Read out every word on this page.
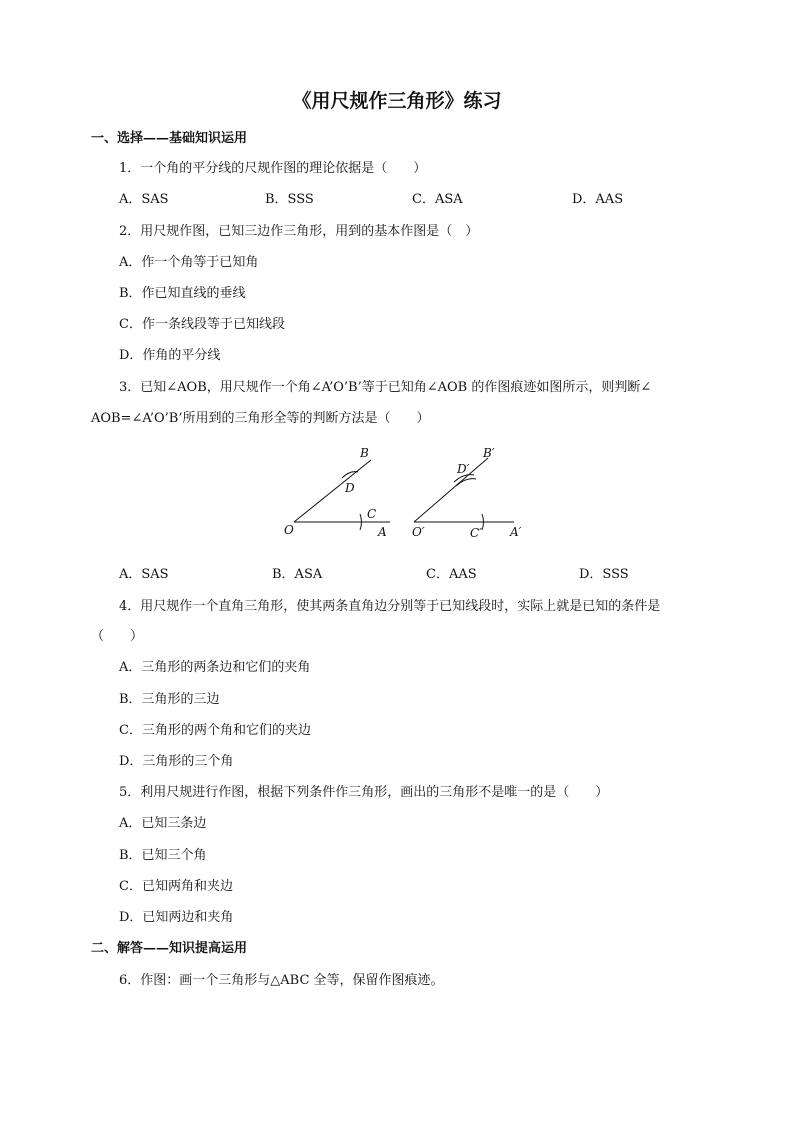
《用尺规作三角形》练习
一、选择——基础知识运用
1．一个角的平分线的尺规作图的理论依据是（　　）
A．SAS	B．SSS	C．ASA	D．AAS
2．用尺规作图，已知三边作三角形，用到的基本作图是（　）
A．作一个角等于已知角
B．作已知直线的垂线
C．作一条线段等于已知线段
D．作角的平分线
3．已知∠AOB，用尺规作一个角∠A’O’B’等于已知角∠AOB 的作图痕迹如图所示，则判断∠
AOB=∠A’O’B’所用到的三角形全等的判断方法是（　　）
O	A
B
C
D
O′	A′
B′
C′
D′
A．SAS	B．ASA	C．AAS	D．SSS
4．用尺规作一个直角三角形，使其两条直角边分别等于已知线段时，实际上就是已知的条件是
（　　）
A．三角形的两条边和它们的夹角
B．三角形的三边
C．三角形的两个角和它们的夹边
D．三角形的三个角
5．利用尺规进行作图，根据下列条件作三角形，画出的三角形不是唯一的是（　　）
A．已知三条边
B．已知三个角
C．已知两角和夹边
D．已知两边和夹角
二、解答——知识提高运用
6．作图：画一个三角形与△ABC 全等，保留作图痕迹。
